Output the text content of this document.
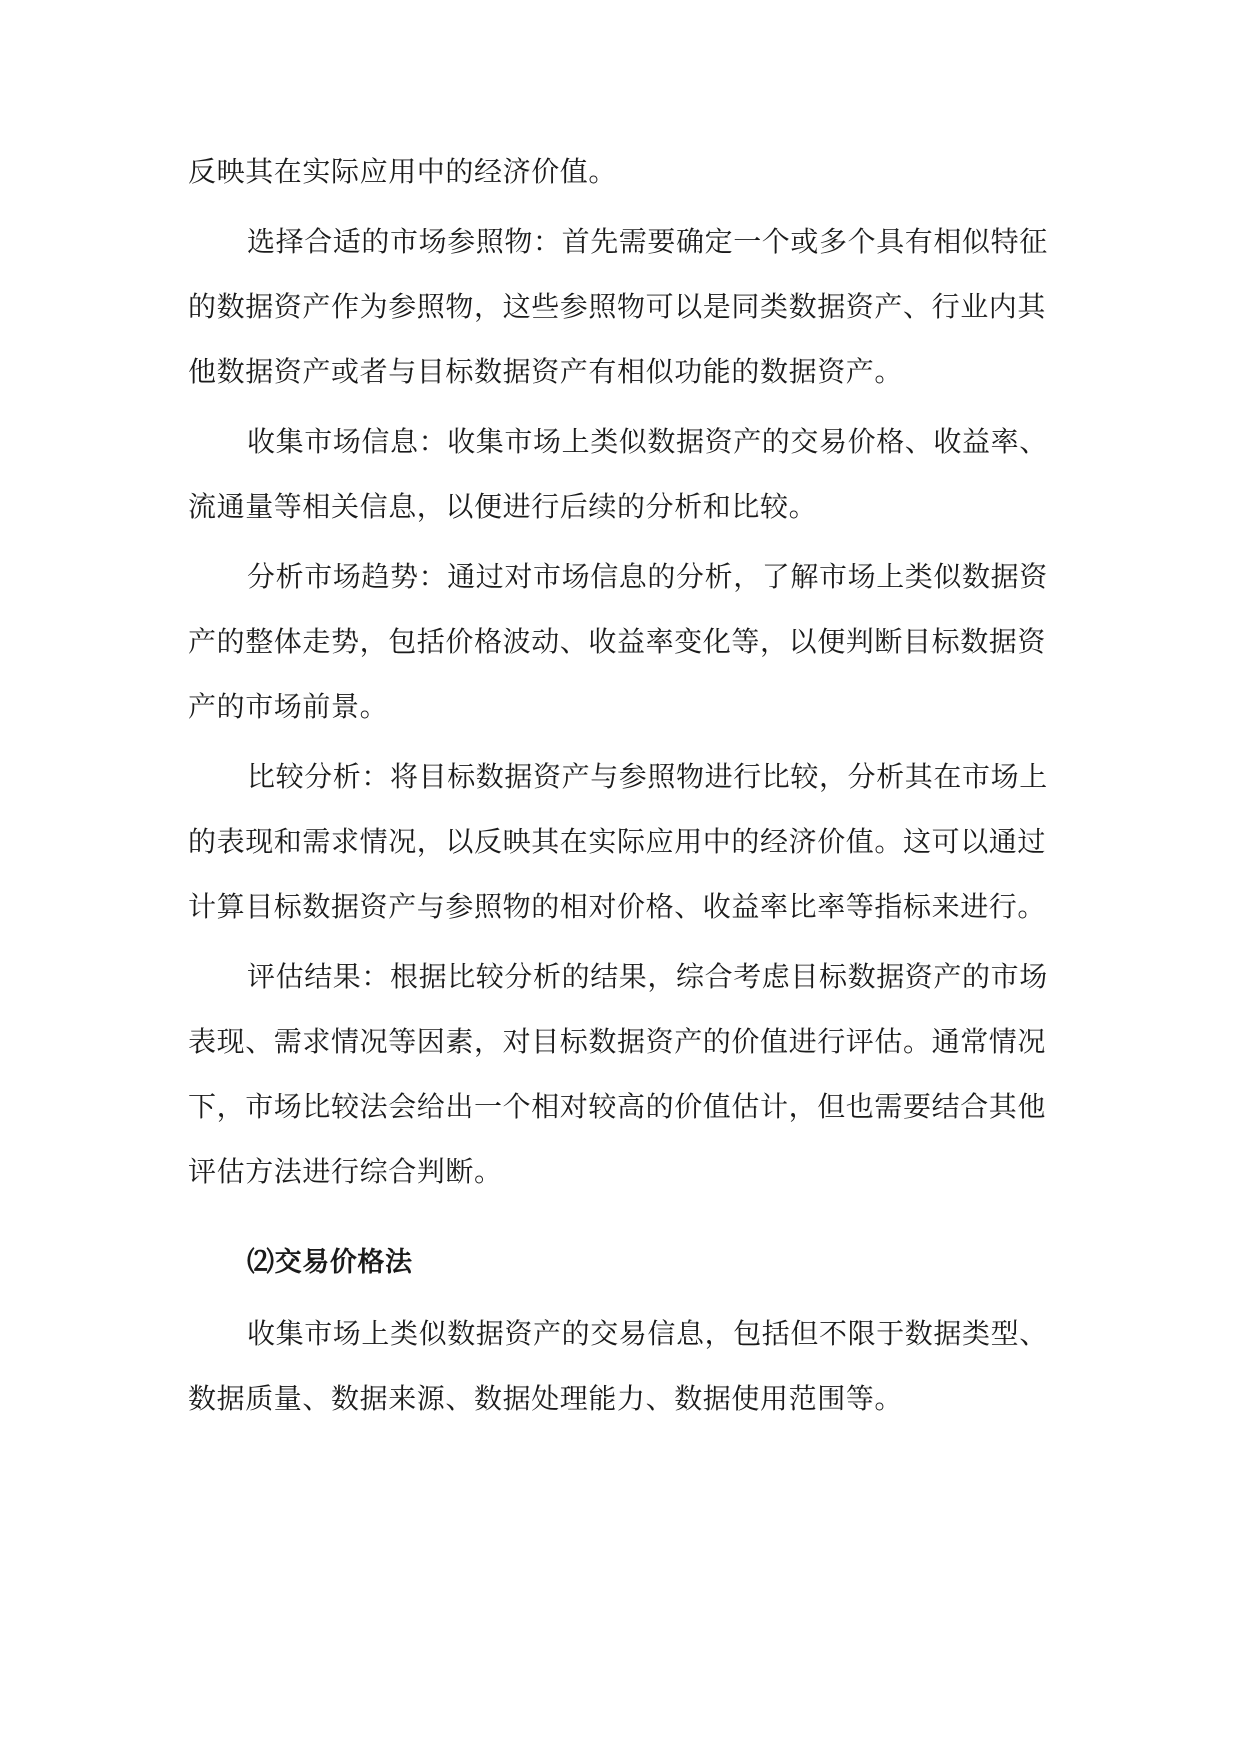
反映其在实际应用中的经济价值。

选择合适的市场参照物：首先需要确定一个或多个具有相似特征

的数据资产作为参照物，这些参照物可以是同类数据资产、行业内其

他数据资产或者与目标数据资产有相似功能的数据资产。

收集市场信息：收集市场上类似数据资产的交易价格、收益率、

流通量等相关信息，以便进行后续的分析和比较。

分析市场趋势：通过对市场信息的分析，了解市场上类似数据资

产的整体走势，包括价格波动、收益率变化等，以便判断目标数据资

产的市场前景。

比较分析：将目标数据资产与参照物进行比较，分析其在市场上

的表现和需求情况，以反映其在实际应用中的经济价值。这可以通过

计算目标数据资产与参照物的相对价格、收益率比率等指标来进行。

评估结果：根据比较分析的结果，综合考虑目标数据资产的市场

表现、需求情况等因素，对目标数据资产的价值进行评估。通常情况

下，市场比较法会给出一个相对较高的价值估计，但也需要结合其他

评估方法进行综合判断。

⑵交易价格法

收集市场上类似数据资产的交易信息，包括但不限于数据类型、

数据质量、数据来源、数据处理能力、数据使用范围等。
